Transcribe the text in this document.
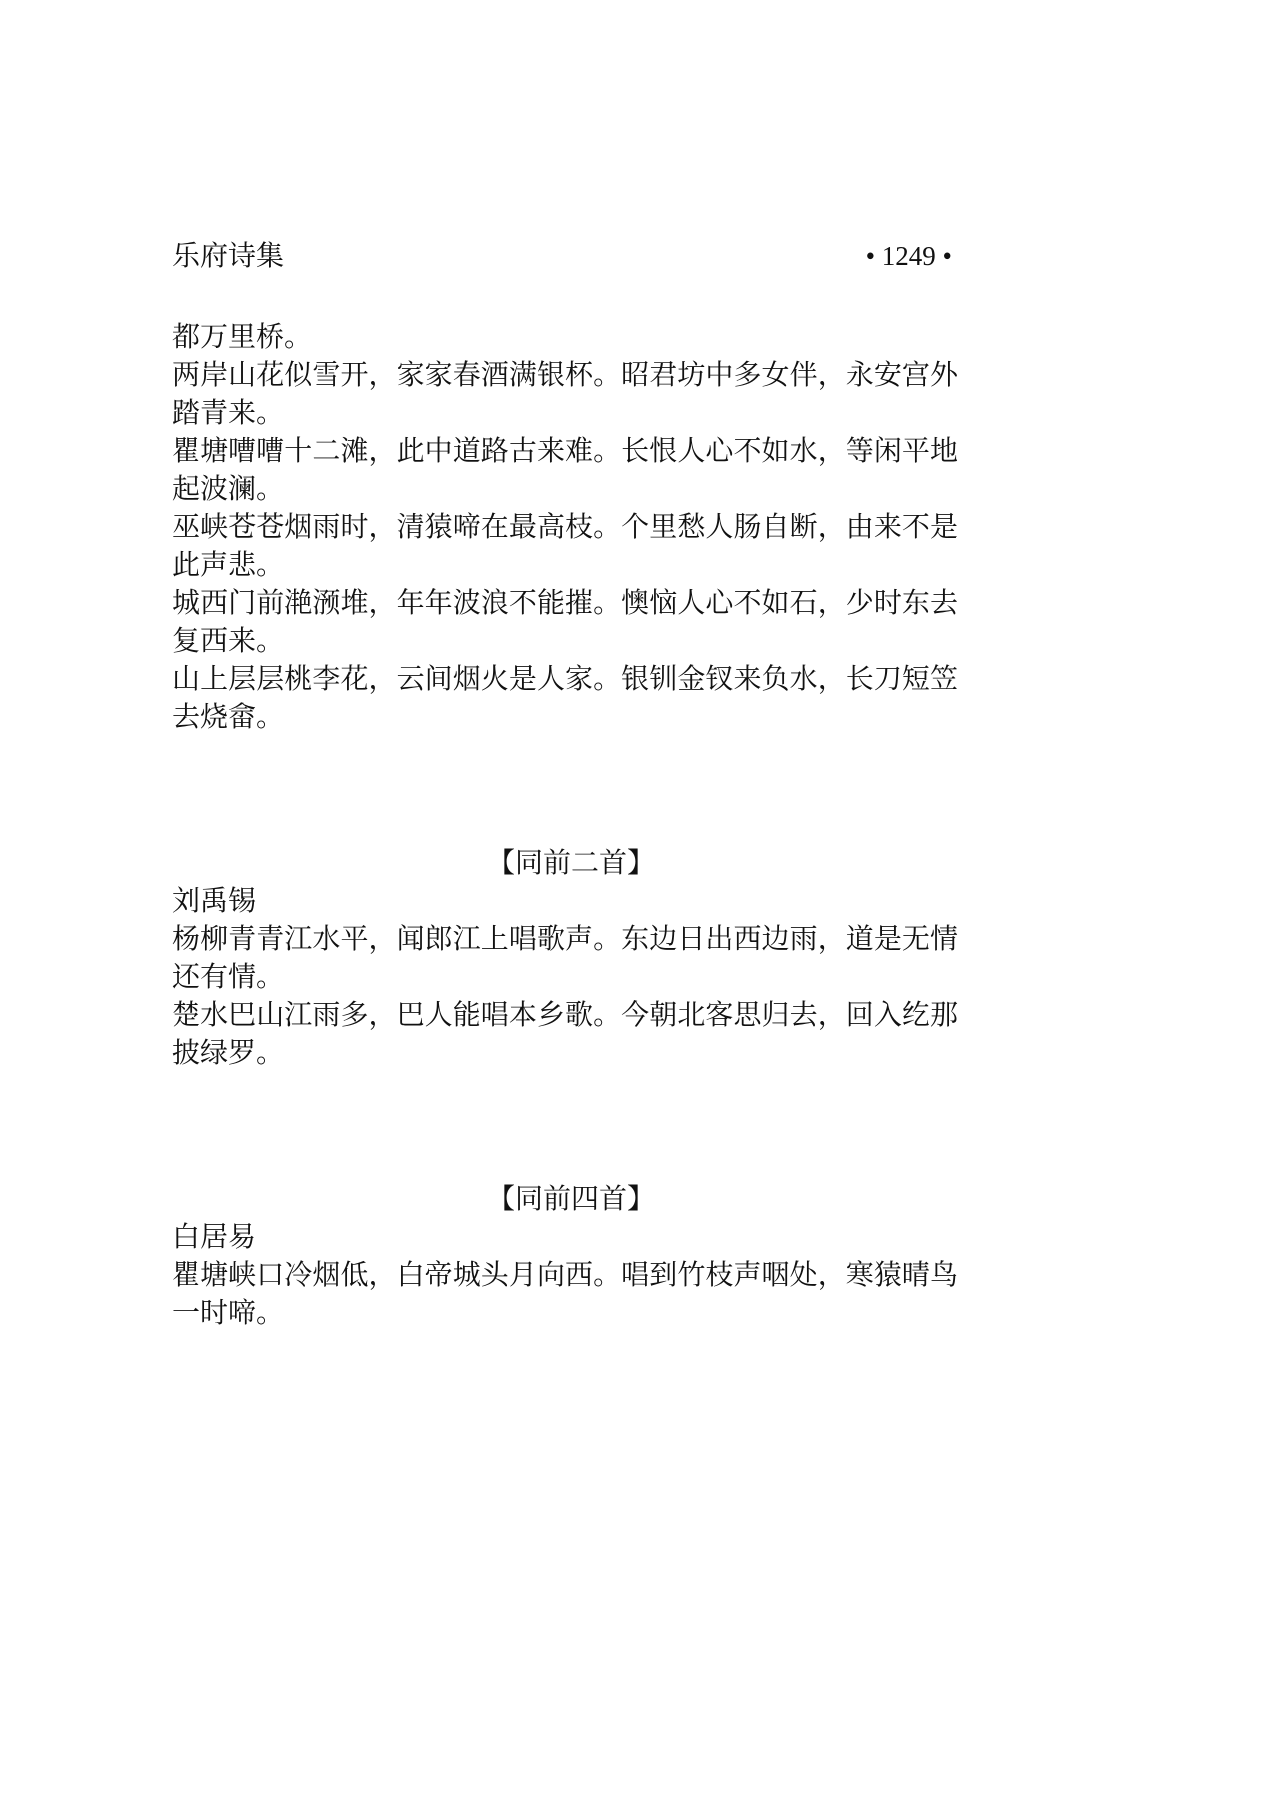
乐府诗集	• 1249 •

都万里桥。

两岸山花似雪开，家家春酒满银杯。昭君坊中多女伴，永安宫外踏青来。

瞿塘嘈嘈十二滩，此中道路古来难。长恨人心不如水，等闲平地起波澜。

巫峡苍苍烟雨时，清猿啼在最高枝。个里愁人肠自断，由来不是此声悲。

城西门前滟滪堆，年年波浪不能摧。懊恼人心不如石，少时东去复西来。

山上层层桃李花，云间烟火是人家。银钏金钗来负水，长刀短笠去烧畲。

【同前二首】

刘禹锡

杨柳青青江水平，闻郎江上唱歌声。东边日出西边雨，道是无情还有情。

楚水巴山江雨多，巴人能唱本乡歌。今朝北客思归去，回入纥那披绿罗。

【同前四首】

白居易

瞿塘峡口冷烟低，白帝城头月向西。唱到竹枝声咽处，寒猿晴鸟一时啼。
